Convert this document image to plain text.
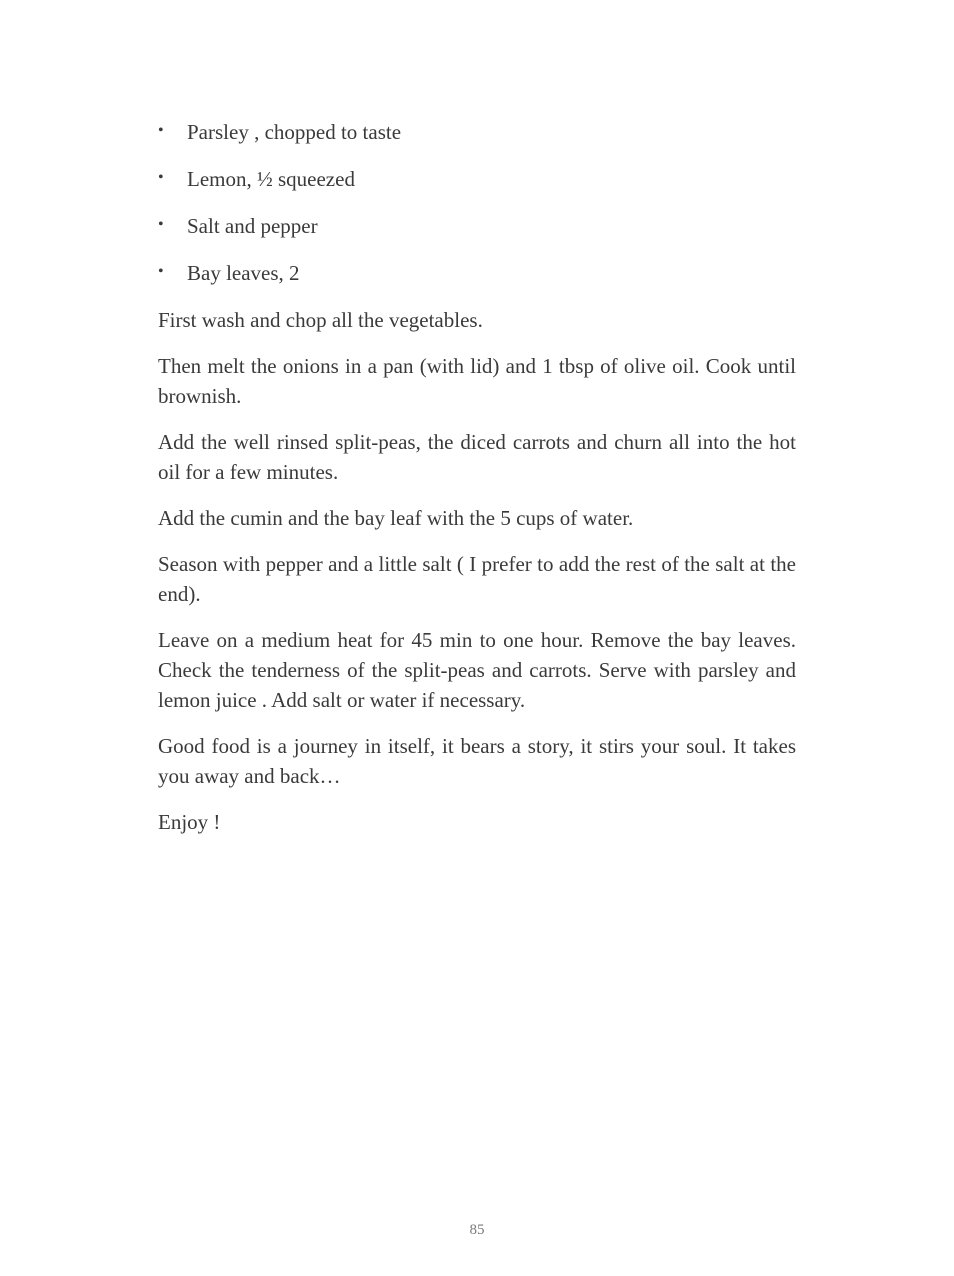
• Parsley , chopped to taste
• Lemon, ½ squeezed
• Salt and pepper
• Bay leaves, 2

First wash and chop all the vegetables.

Then melt the onions in a pan (with lid) and 1 tbsp of olive oil. Cook until brownish.

Add the well rinsed split-peas, the diced carrots and churn all into the hot oil for a few minutes.

Add the cumin and the bay leaf with the 5 cups of water.

Season with pepper and a little salt ( I prefer to add the rest of the salt at the end).

Leave on a medium heat for 45 min to one hour. Remove the bay leaves. Check the tenderness of the split-peas and carrots. Serve with parsley and lemon juice . Add salt or water if necessary.

Good food is a journey in itself, it bears a story, it stirs your soul. It takes you away and back…

Enjoy !

85
